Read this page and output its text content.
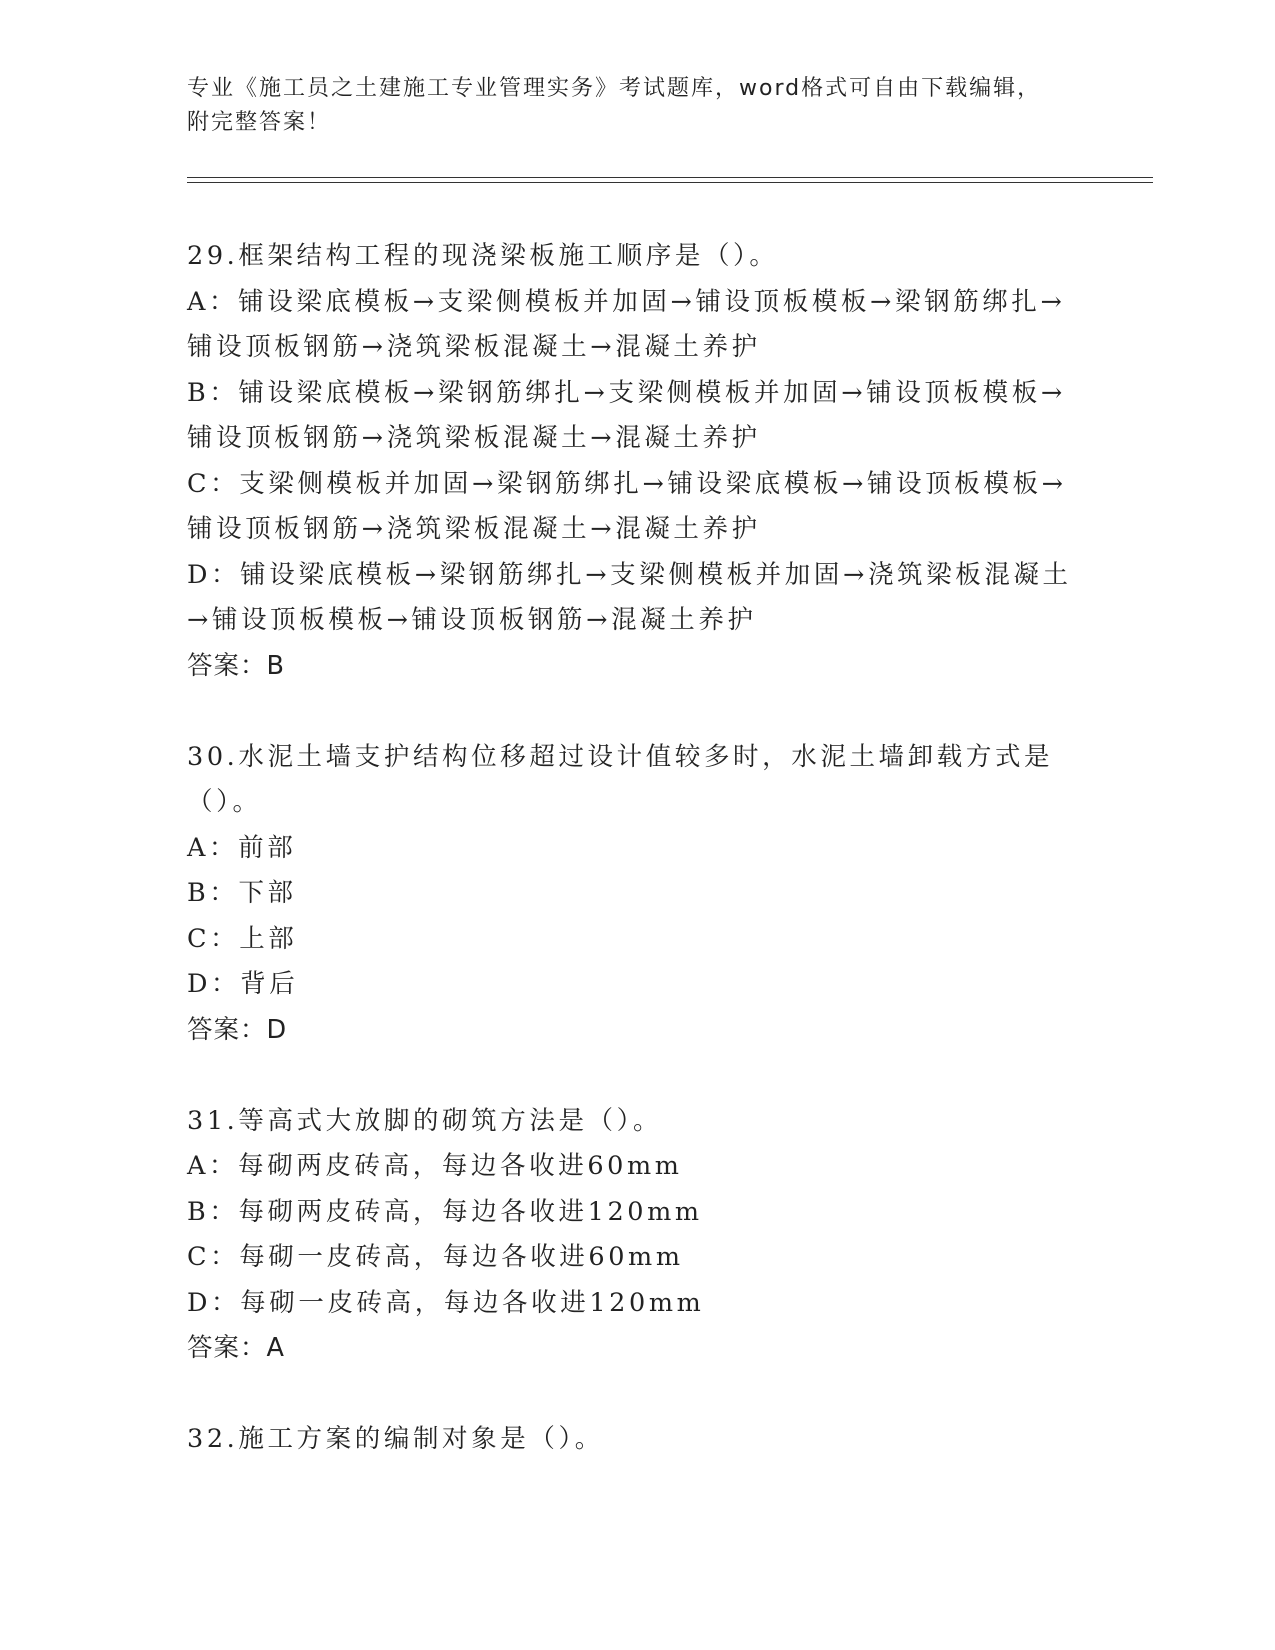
专业《施工员之土建施工专业管理实务》考试题库，word格式可自由下载编辑，
附完整答案！
29.框架结构工程的现浇梁板施工顺序是（）。
A：铺设梁底模板→支梁侧模板并加固→铺设顶板模板→梁钢筋绑扎→铺设顶板钢筋→浇筑梁板混凝土→混凝土养护
B：铺设梁底模板→梁钢筋绑扎→支梁侧模板并加固→铺设顶板模板→铺设顶板钢筋→浇筑梁板混凝土→混凝土养护
C：支梁侧模板并加固→梁钢筋绑扎→铺设梁底模板→铺设顶板模板→铺设顶板钢筋→浇筑梁板混凝土→混凝土养护
D：铺设梁底模板→梁钢筋绑扎→支梁侧模板并加固→浇筑梁板混凝土→铺设顶板模板→铺设顶板钢筋→混凝土养护
答案：B
30.水泥土墙支护结构位移超过设计值较多时，水泥土墙卸载方式是（）。
A：前部
B：下部
C：上部
D：背后
答案：D
31.等高式大放脚的砌筑方法是（）。
A：每砌两皮砖高，每边各收进60mm
B：每砌两皮砖高，每边各收进120mm
C：每砌一皮砖高，每边各收进60mm
D：每砌一皮砖高，每边各收进120mm
答案：A
32.施工方案的编制对象是（）。
